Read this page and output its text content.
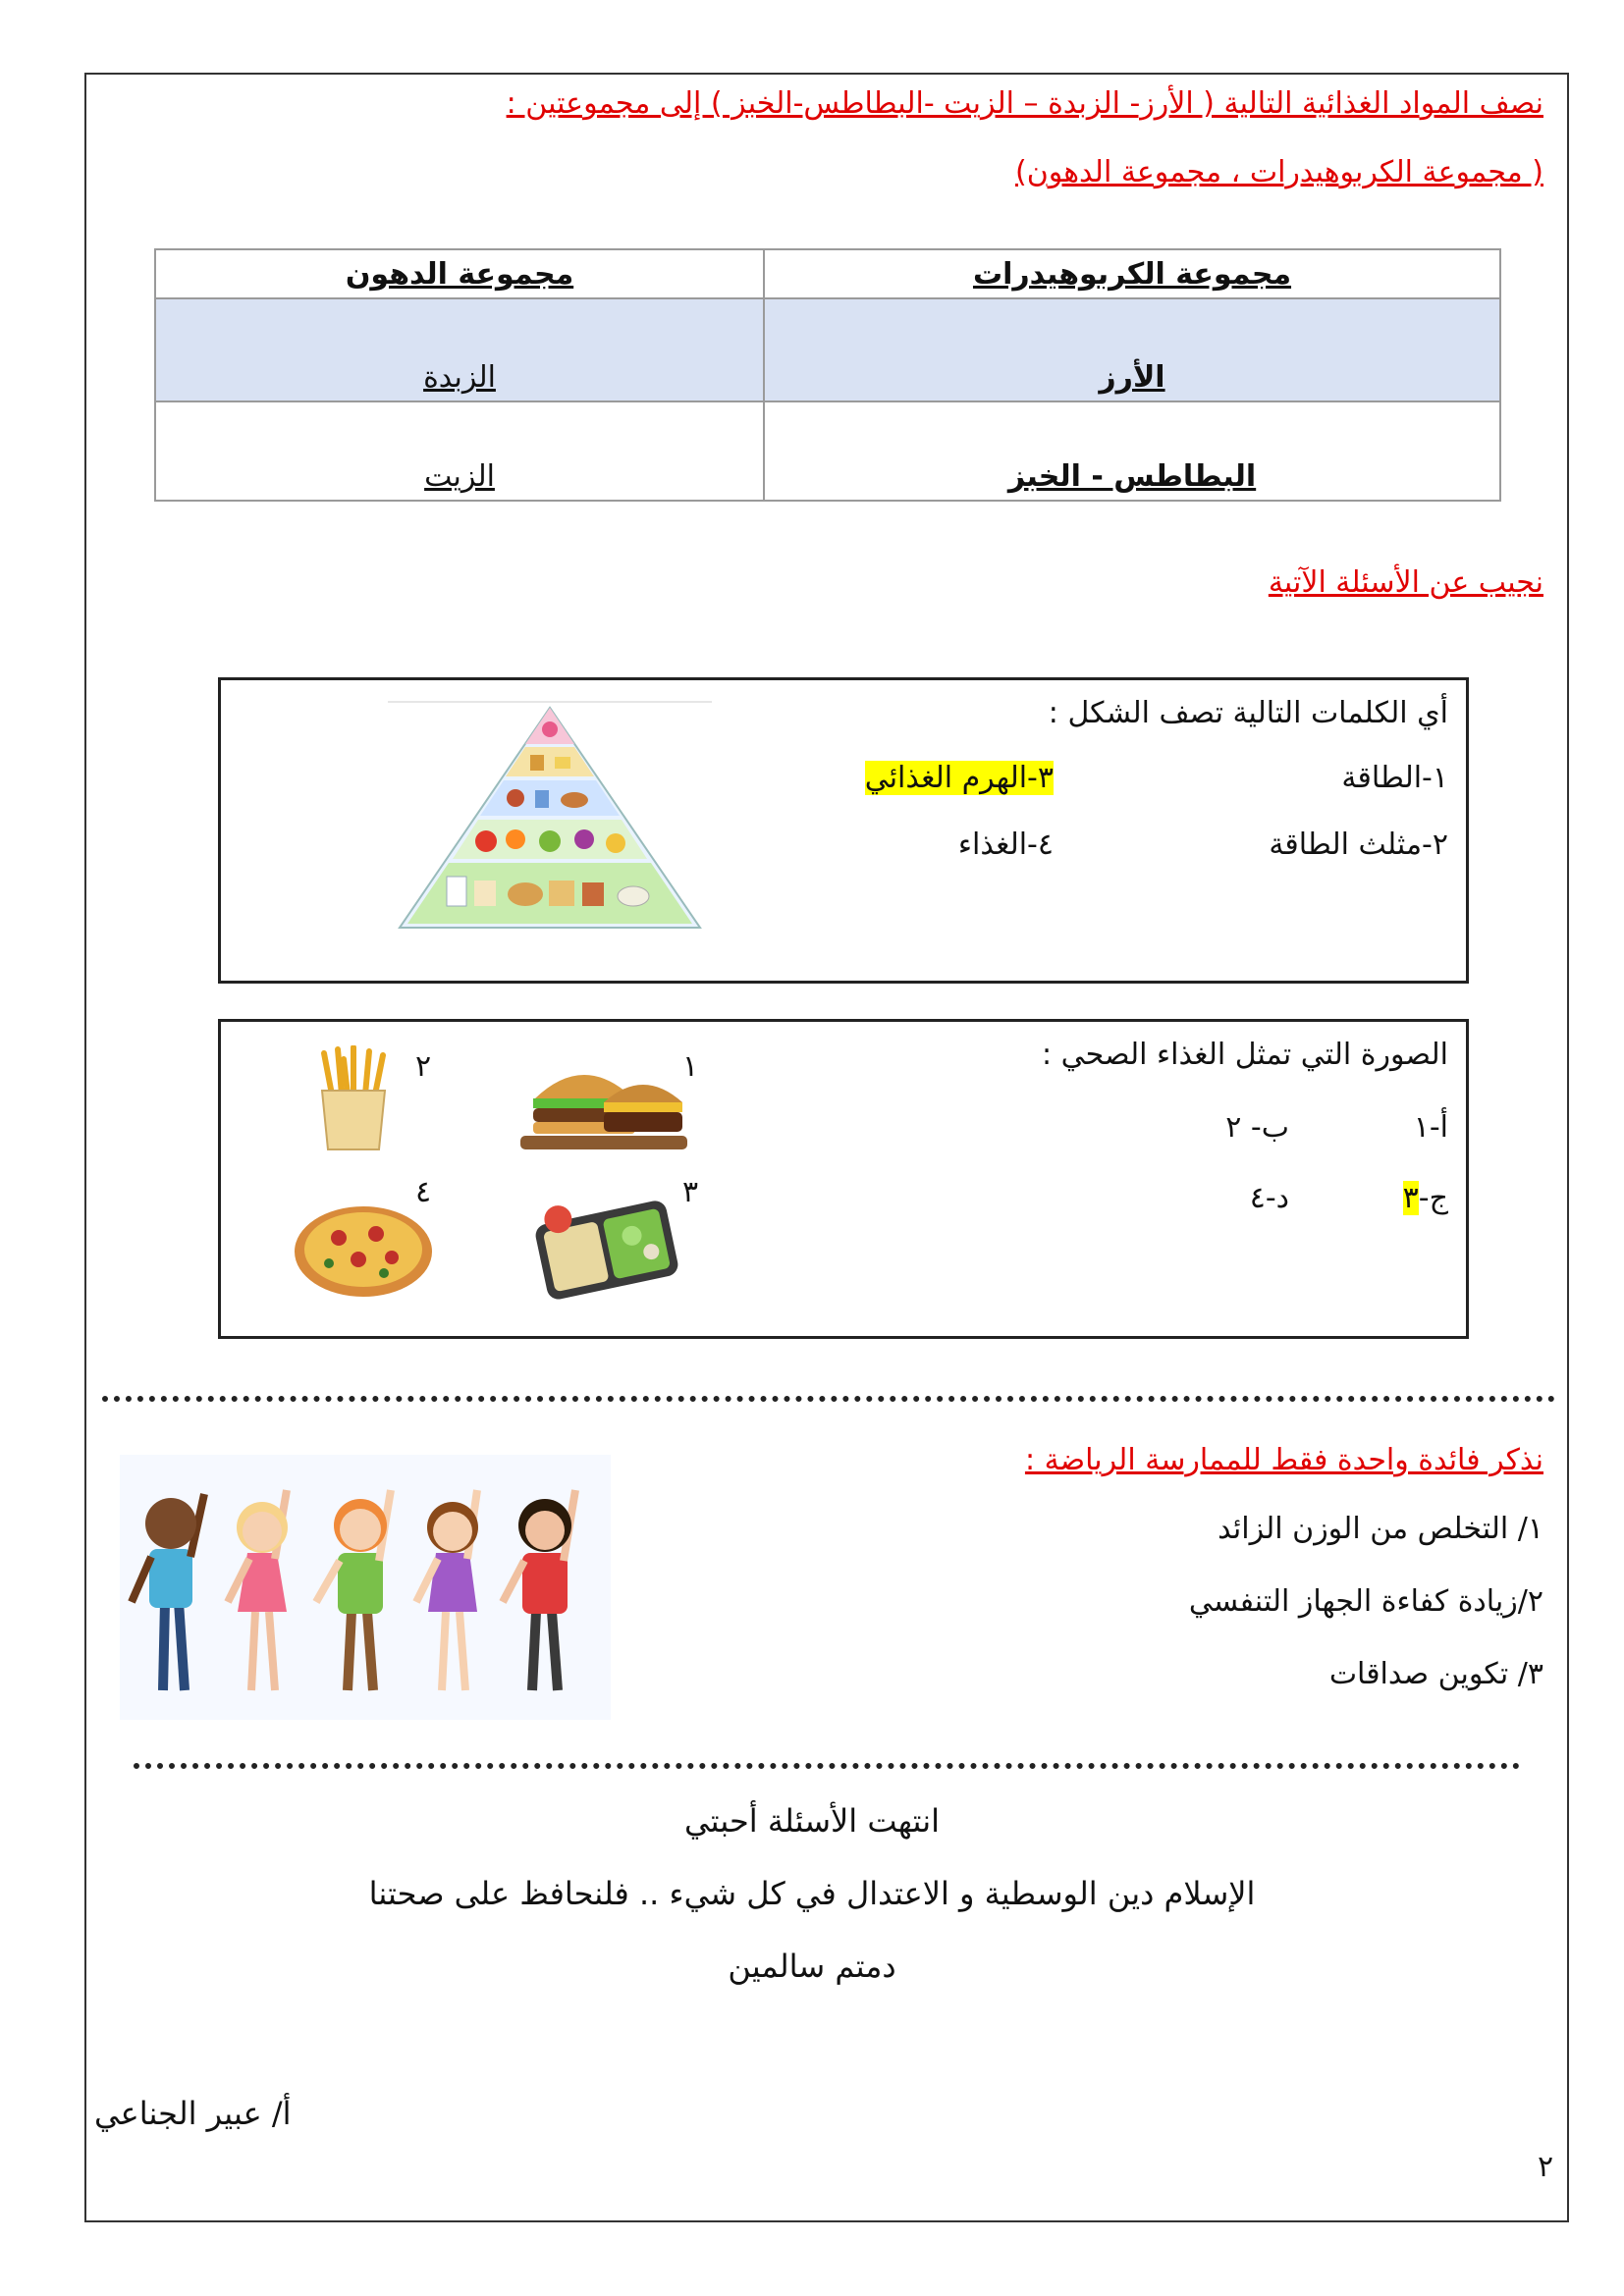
نصف المواد الغذائية التالية ( الأرز- الزبدة – الزيت -البطاطس-الخبز ) إلى مجموعتين :
( مجموعة الكربوهيدرات ، مجموعة الدهون)
مجموعة الكربوهيدرات	مجموعة الدهون
الأرز	الزبدة
البطاطس - الخبز	الزيت
نجيب عن الأسئلة الآتية
أي الكلمات التالية تصف الشكل :
١-الطاقة
٣-الهرم الغذائي
٢-مثلث الطاقة
٤-الغذاء
الصورة التي تمثل الغذاء الصحي :
أ-١
ب- ٢
ج-٣
د-٤
١
٢
٣
٤
نذكر فائدة واحدة فقط للممارسة الرياضة :
١/ التخلص من الوزن الزائد
٢/زيادة كفاءة الجهاز التنفسي
٣/ تكوين صداقات
انتهت الأسئلة أحبتي
الإسلام دين الوسطية و الاعتدال في كل شيء .. فلنحافظ على صحتنا
دمتم سالمين
أ/ عبير الجناعي
٢
